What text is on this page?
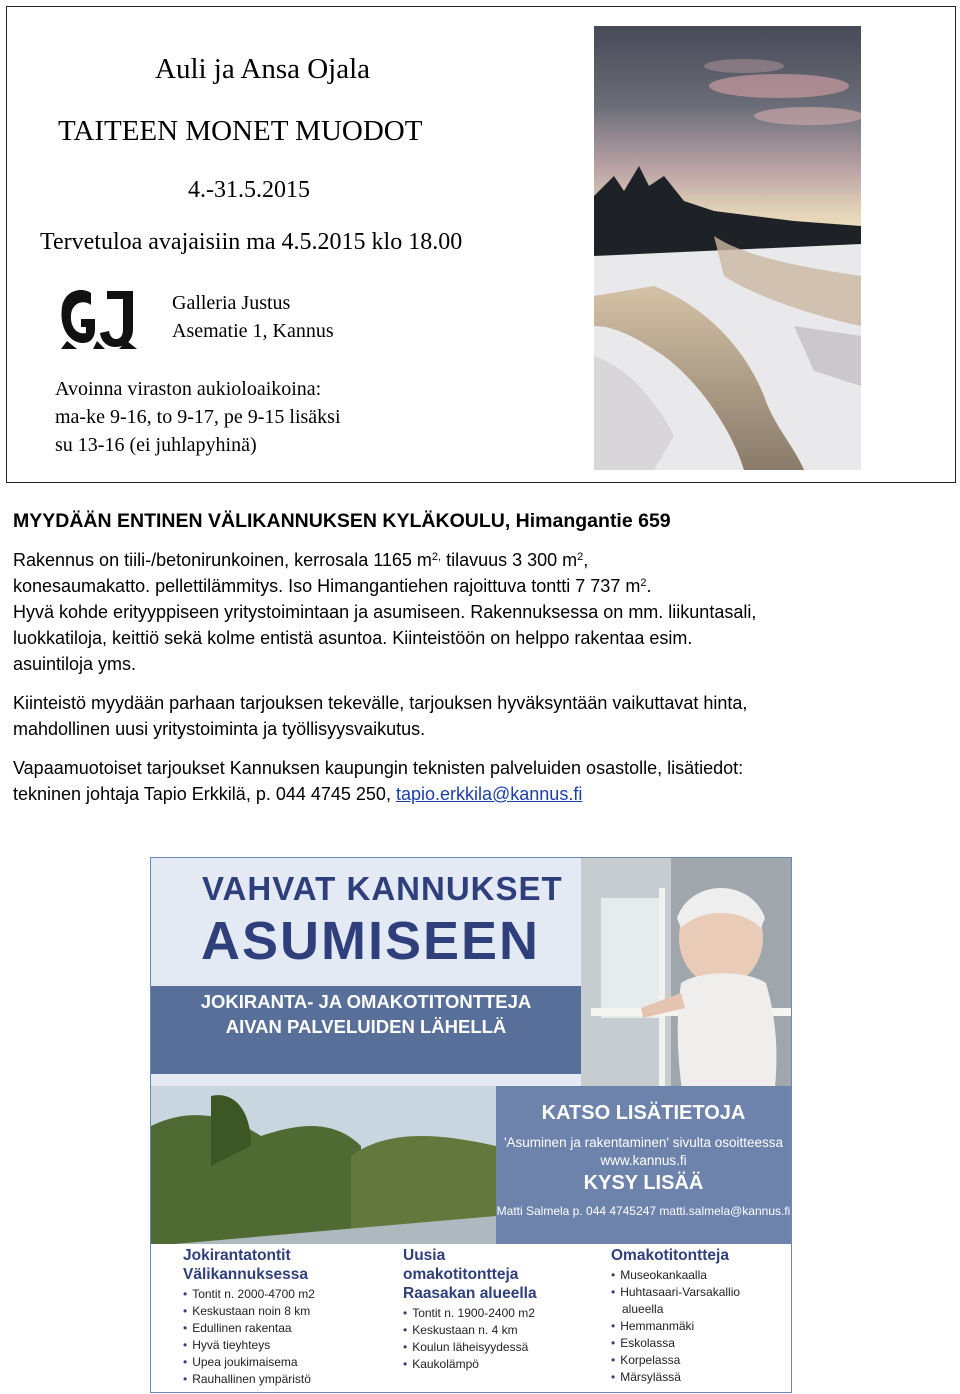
Auli ja Ansa Ojala
TAITEEN MONET MUODOT
4.-31.5.2015
Tervetuloa avajaisiin ma 4.5.2015 klo 18.00
Galleria Justus
Asematie 1, Kannus
Avoinna viraston aukioloaikoina:
ma-ke 9-16, to 9-17, pe 9-15 lisäksi
su 13-16 (ei juhlapyhinä)
MYYDÄÄN ENTINEN VÄLIKANNUKSEN KYLÄKOULU, Himangantie 659

Rakennus on tiili-/betonirunkoinen, kerrosala 1165 $m^{2,}$ tilavuus 3 300 $m^2$,
konesaumakatto. pellettilämmitys. Iso Himangantiehen rajoittuva tontti 7 737 $m^2$.
Hyvä kohde erityyppiseen yritystoimintaan ja asumiseen. Rakennuksessa on mm. liikuntasali,
luokkatiloja, keittiö sekä kolme entistä asuntoa. Kiinteistöön on helppo rakentaa esim.
asuintiloja yms.

Kiinteistö myydään parhaan tarjouksen tekevälle, tarjouksen hyväksyntään vaikuttavat hinta,
mahdollinen uusi yritystoiminta ja työllisyysvaikutus.

Vapaamuotoiset tarjoukset Kannuksen kaupungin teknisten palveluiden osastolle, lisätiedot:
tekninen johtaja Tapio Erkkilä, p. 044 4745 250, tapio.erkkila@kannus.fi

VAHVAT KANNUKSET
ASUMISEEN
JOKIRANTA- JA OMAKOTITONTTEJA
AIVAN PALVELUIDEN LÄHELLÄ
KATSO LISÄTIETOJA
'Asuminen ja rakentaminen' sivulta osoitteessa
www.kannus.fi
KYSY LISÄÄ
Matti Salmela p. 044 4745247 matti.salmela@kannus.fi
Jokirantatontit
Välikannuksessa
• Tontit n. 2000-4700 m2
• Keskustaan noin 8 km
• Edullinen rakentaa
• Hyvä tieyhteys
• Upea joukimaisema
• Rauhallinen ympäristö
Uusia
omakotitontteja
Raasakan alueella
• Tontit n. 1900-2400 m2
• Keskustaan n. 4 km
• Koulun läheisyydessä
• Kaukolämpö
Omakotitontteja
• Museokankaalla
• Huhtasaari-Varsakallio
alueella
• Hemmanmäki
• Eskolassa
• Korpelassa
• Märsylässä
